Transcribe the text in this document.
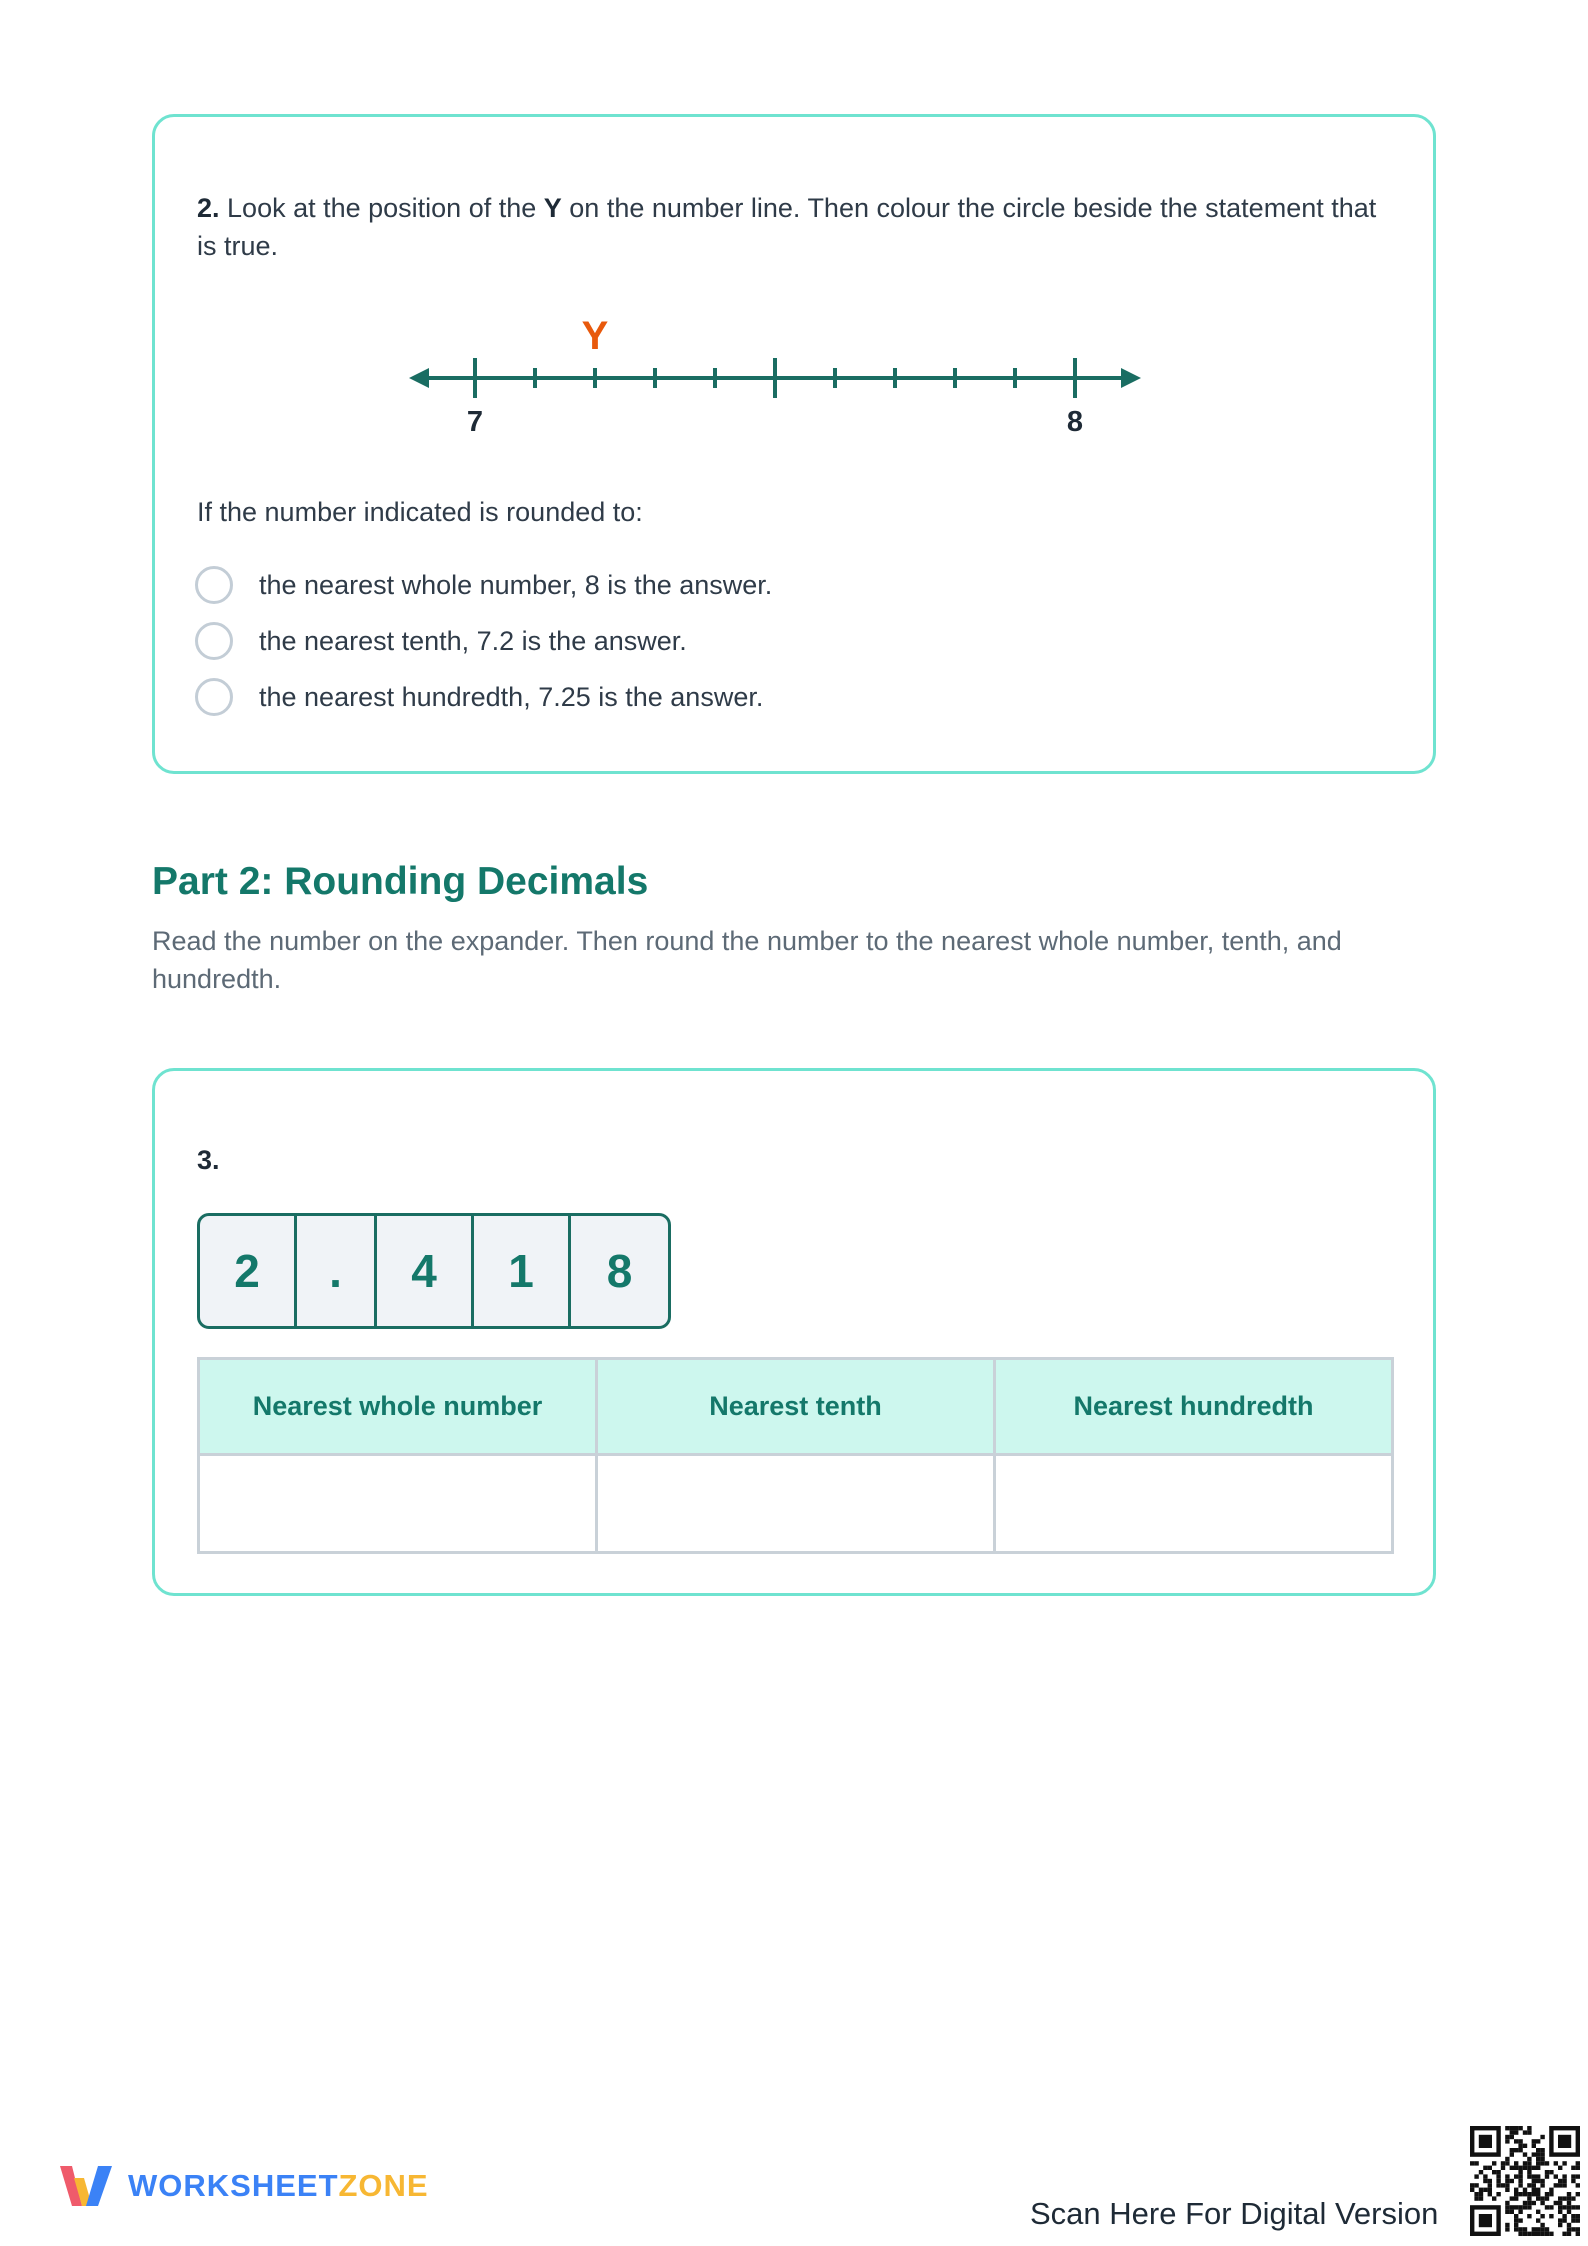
2. Look at the position of the Y on the number line. Then colour the circle beside the statement that is true.

Y
7	8

If the number indicated is rounded to:

the nearest whole number, 8 is the answer.
the nearest tenth, 7.2 is the answer.
the nearest hundredth, 7.25 is the answer.
Part 2: Rounding Decimals

Read the number on the expander. Then round the number to the nearest whole number, tenth, and hundredth.

3.

2	.	4	1	8
Nearest whole number	Nearest tenth	Nearest hundredth

WORKSHEETZONE
Scan Here For Digital Version
